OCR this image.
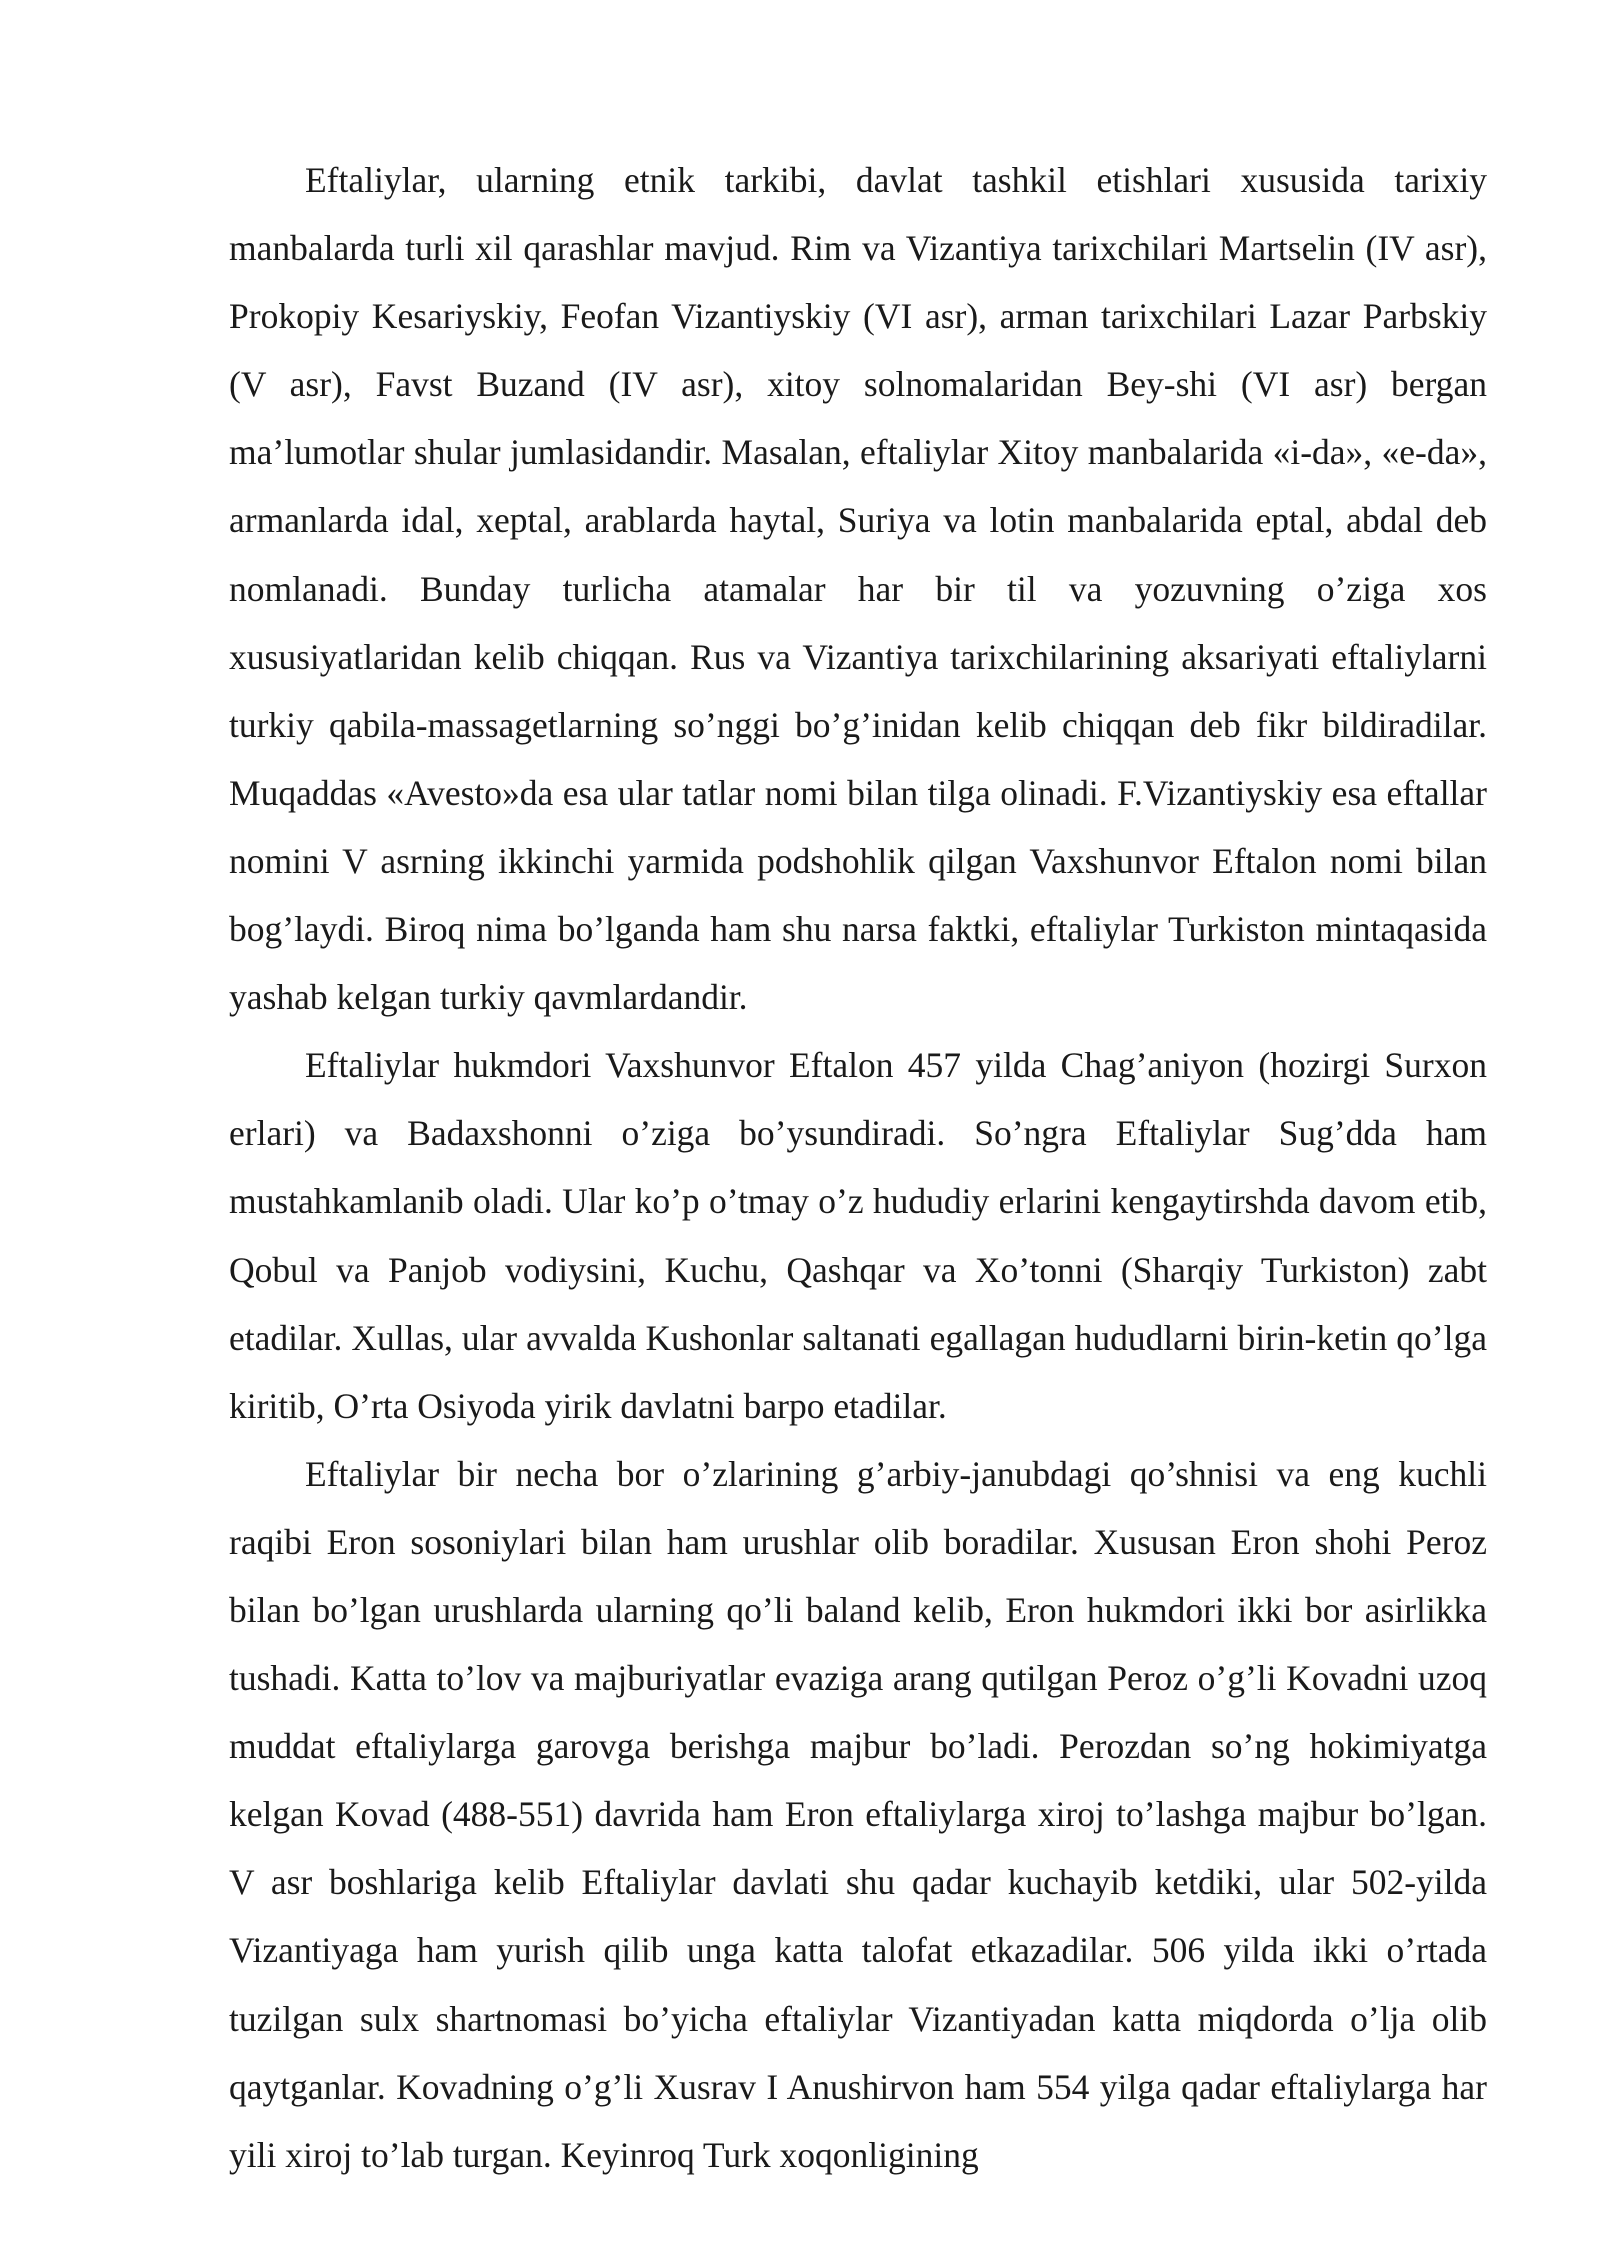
Eftaliylar, ularning etnik tarkibi, davlat tashkil etishlari xususida tarixiy manbalarda turli xil qarashlar mavjud. Rim va Vizantiya tarixchilari Martselin (IV asr), Prokopiy Kesariyskiy, Feofan Vizantiyskiy (VI asr), arman tarixchilari Lazar Parbskiy (V asr), Favst Buzand (IV asr), xitoy solnomalaridan Bey-shi (VI asr) bergan ma’lumotlar shular jumlasidandir. Masalan, eftaliylar Xitoy manbalarida «i-da», «e-da», armanlarda idal, xeptal, arablarda haytal, Suriya va lotin manbalarida eptal, abdal deb nomlanadi. Bunday turlicha atamalar har bir til va yozuvning o’ziga xos xususiyatlaridan kelib chiqqan. Rus va Vizantiya tarixchilarining aksariyati eftaliylarni turkiy qabila-massagetlarning so’nggi bo’g’inidan kelib chiqqan deb fikr bildiradilar. Muqaddas «Avesto»da esa ular tatlar nomi bilan tilga olinadi. F.Vizantiyskiy esa eftallar nomini V asrning ikkinchi yarmida podshohlik qilgan Vaxshunvor Eftalon nomi bilan bog’laydi. Biroq nima bo’lganda ham shu narsa faktki, eftaliylar Turkiston mintaqasida yashab kelgan turkiy qavmlardandir.

Eftaliylar hukmdori Vaxshunvor Eftalon 457 yilda Chag’aniyon (hozirgi Surxon erlari) va Badaxshonni o’ziga bo’ysundiradi. So’ngra Eftaliylar Sug’dda ham mustahkamlanib oladi. Ular ko’p o’tmay o’z hududiy erlarini kengaytirshda davom etib, Qobul va Panjob vodiysini, Kuchu, Qashqar va Xo’tonni (Sharqiy Turkiston) zabt etadilar. Xullas, ular avvalda Kushonlar saltanati egallagan hududlarni birin-ketin qo’lga kiritib, O’rta Osiyoda yirik davlatni barpo etadilar.

Eftaliylar bir necha bor o’zlarining g’arbiy-janubdagi qo’shnisi va eng kuchli raqibi Eron sosoniylari bilan ham urushlar olib boradilar. Xususan Eron shohi Peroz bilan bo’lgan urushlarda ularning qo’li baland kelib, Eron hukmdori ikki bor asirlikka tushadi. Katta to’lov va majburiyatlar evaziga arang qutilgan Peroz o’g’li Kovadni uzoq muddat eftaliylarga garovga berishga majbur bo’ladi. Perozdan so’ng hokimiyatga kelgan Kovad (488-551) davrida ham Eron eftaliylarga xiroj to’lashga majbur bo’lgan. V asr boshlariga kelib Eftaliylar davlati shu qadar kuchayib ketdiki, ular 502-yilda Vizantiyaga ham yurish qilib unga katta talofat etkazadilar. 506 yilda ikki o’rtada tuzilgan sulx shartnomasi bo’yicha eftaliylar Vizantiyadan katta miqdorda o’lja olib qaytganlar. Kovadning o’g’li Xusrav I Anushirvon ham 554 yilga qadar eftaliylarga har yili xiroj to’lab turgan. Keyinroq Turk xoqonligining
